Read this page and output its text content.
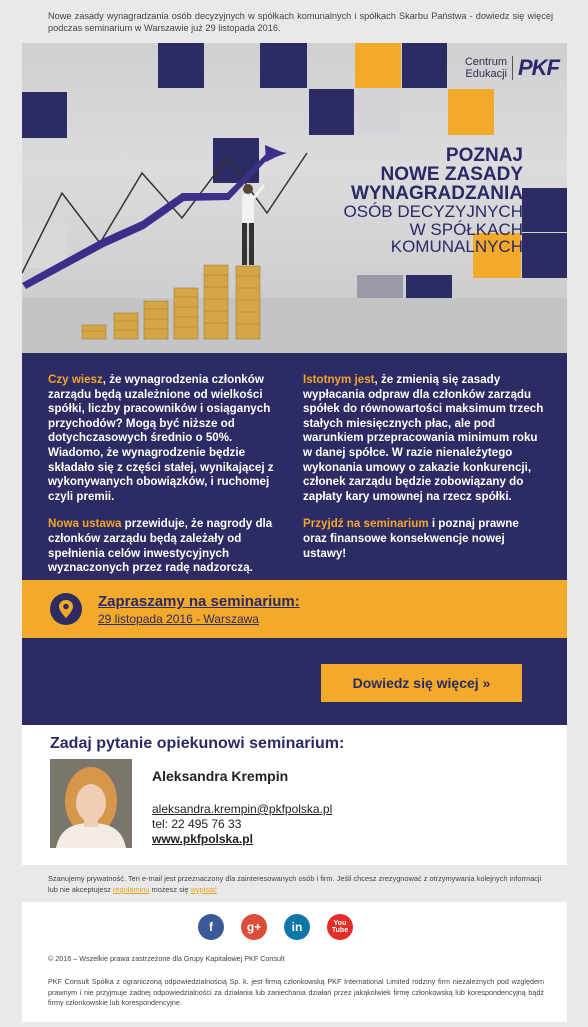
Nowe zasady wynagradzania osób decyzyjnych w spółkach komunalnych i spółkach Skarbu Państwa - dowiedz się więcej podczas seminarium w Warszawie już 29 listopada 2016.
Centrum
Edukacji PKF
POZNAJ
NOWE ZASADY
WYNAGRADZANIA
OSÓB DECYZYJNYCH
W SPÓŁKACH
KOMUNALNYCH

Czy wiesz, że wynagrodzenia członków zarządu będą uzależnione od wielkości spółki, liczby pracowników i osiąganych przychodów? Mogą być niższe od dotychczasowych średnio o 50%. Wiadomo, że wynagrodzenie będzie składało się z części stałej, wynikającej z wykonywanych obowiązków, i ruchomej czyli premii.

Nowa ustawa przewiduje, że nagrody dla członków zarządu będą zależały od spełnienia celów inwestycyjnych wyznaczonych przez radę nadzorczą.

Istotnym jest, że zmienią się zasady wypłacania odpraw dla członków zarządu spółek do równowartości maksimum trzech stałych miesięcznych płac, ale pod warunkiem przepracowania minimum roku w danej spółce. W razie nienależytego wykonania umowy o zakazie konkurencji, członek zarządu będzie zobowiązany do zapłaty kary umownej na rzecz spółki.

Przyjdź na seminarium i poznaj prawne oraz finansowe konsekwencje nowej ustawy!

Zapraszamy na seminarium:
29 listopada 2016 - Warszawa
Dowiedz się więcej »
Zadaj pytanie opiekunowi seminarium:
Aleksandra Krempin
aleksandra.krempin@pkfpolska.pl
tel: 22 495 76 33
www.pkfpolska.pl
Szanujemy prywatność. Ten e-mail jest przeznaczony dla zainteresowanych osób i firm. Jeśli chcesz zrezygnować z otrzymywania kolejnych informacji lub nie akceptujesz regulaminu możesz się wypisać
f	g+	in	You Tube
© 2016 – Wszelkie prawa zastrzeżone dla Grupy Kapitałowej PKF Consult
PKF Consult Spółka z ograniczoną odpowiedzialnością Sp. k. jest firmą członkowską PKF International Limited rodziny firm niezależnych pod względem prawnym i nie przyjmuje żadnej odpowiedzialności za działania lub zaniechania działań przez jakąkolwiek firmę członkowską lub korespondencyjną bądź firmy członkowskie lub korespondencyjne.
